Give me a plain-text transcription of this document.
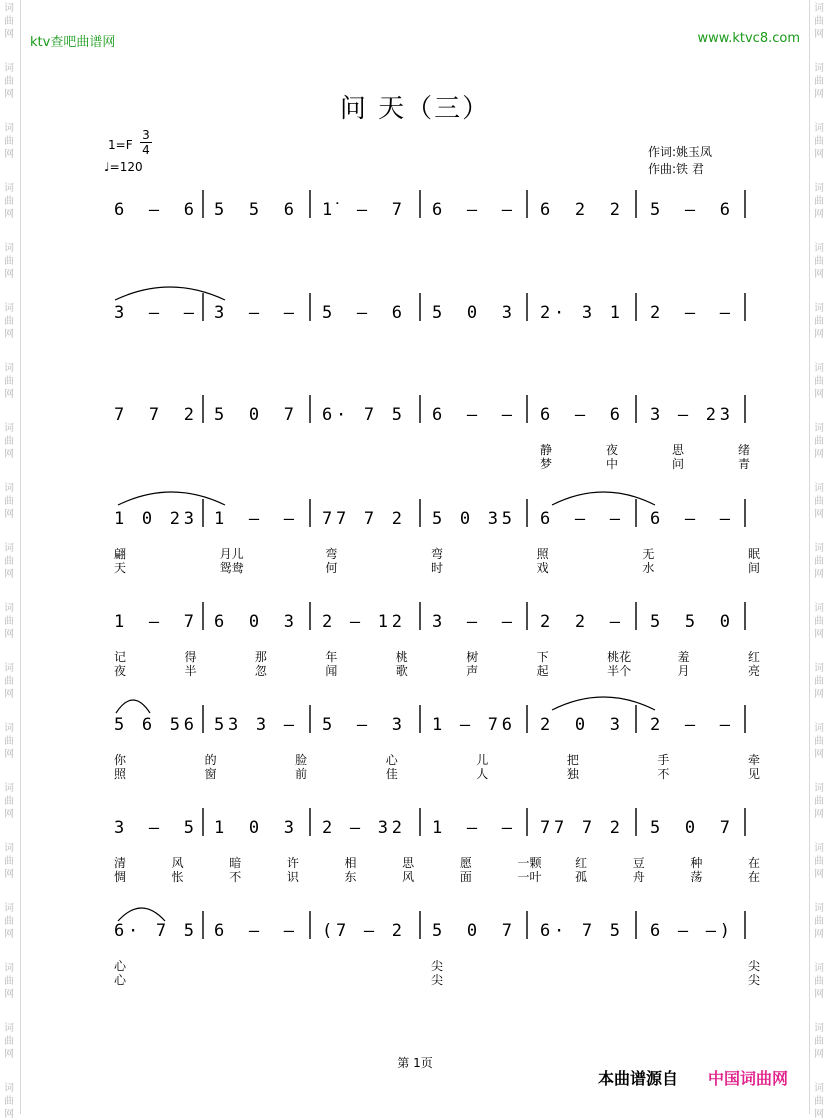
词
曲
网
词
曲
网
词
曲
网
词
曲
网
词
曲
网
词
曲
网
词
曲
网
词
曲
网
词
曲
网
词
曲
网
词
曲
网
词
曲
网
词
曲
网
词
曲
网
词
曲
网
词
曲
网
词
曲
网
词
曲
网
词
曲
网
词
曲
网
词
曲
网
词
曲
网
词
曲
网
词
曲
网
词
曲
网
词
曲
网
词
曲
网
词
曲
网
词
曲
网
词
曲
网
词
曲
网
词
曲
网
词
曲
网
词
曲
网
词
曲
网
词
曲
网
词
曲
网
词
曲
网
ktv查吧曲谱网	www.ktvc8.com
问 天（三）
1=F
3
4
♩=120
作词:姚玉凤
作曲:铁 君
6 – 6 5 5 6 1̇ – 7 6 – – 6 2 2 5 – 6
3 – – 3 – – 5 – 6 5 0 3 2· 3 1 2 – –
7 7 2 5 0 7 6· 7 5 6 – – 6 – 6 3 – 23
静	夜	思	绪
梦	中	问	青
1 0 23 1 – – 77 7 2 5 0 35 6 – – 6 – –
翩	月儿	弯	弯	照	无	眠
天	鸳鸯	何	时	戏	水	间
1 – 7 6 0 3 2 – 12 3 – – 2 2 – 5 5 0
记	得	那	年	桃	树	下	桃花	羞	红
夜	半	忽	闻	歌	声	起	半个	月	亮
5 6 56 53 3 – 5 – 3 1 – 76 2 0 3 2 – –
你	的	脸	心	儿	把	手	牵
照	窗	前	佳	人	独	不	见
3 – 5 1 0 3 2 – 32 1 – – 77 7 2 5 0 7
清	风	暗	许	相	思	愿	一颗	红	豆	种	在
惆	怅	不	识	东	风	面	一叶	孤	舟	荡	在
6· 7 5 6 – – (7 – 2 5 0 7 6· 7 5 6 – –)
心	尖	尖
心	尖	尖
第 1页
本曲谱源自 中国词曲网
